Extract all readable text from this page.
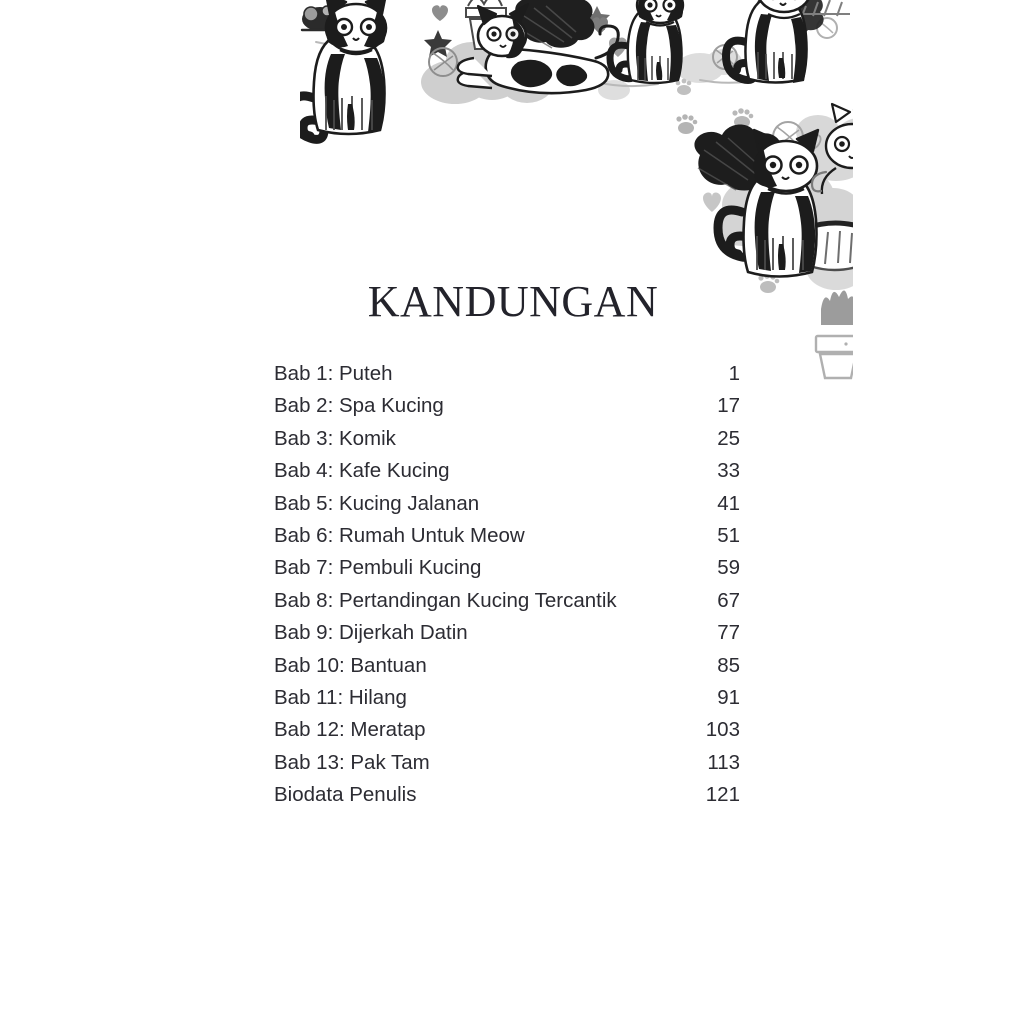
KANDUNGAN
Bab 1: Puteh	1
Bab 2: Spa Kucing	17
Bab 3: Komik	25
Bab 4: Kafe Kucing	33
Bab 5: Kucing Jalanan	41
Bab 6: Rumah Untuk Meow	51
Bab 7: Pembuli Kucing	59
Bab 8: Pertandingan Kucing Tercantik	67
Bab 9: Dijerkah Datin	77
Bab 10: Bantuan	85
Bab 11: Hilang	91
Bab 12: Meratap	103
Bab 13: Pak Tam	113
Biodata Penulis	121
